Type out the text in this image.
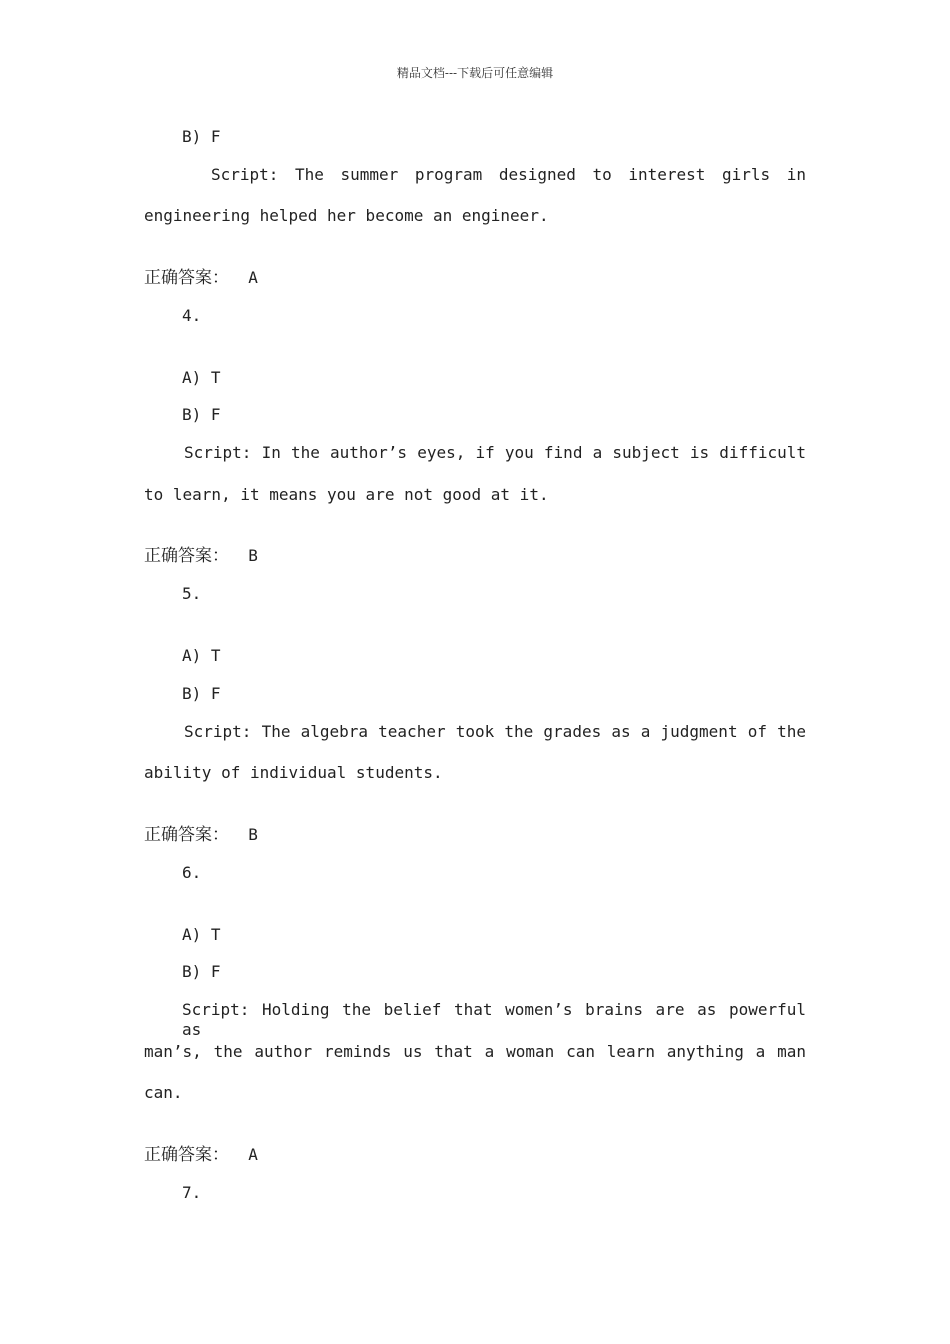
精品文档---下载后可任意编辑
B) F
Script: The summer program designed to interest girls in
engineering helped her become an engineer.
正确答案： A
4.
A) T
B) F
Script: In the author’s eyes, if you find a subject is difficult
to learn, it means you are not good at it.
正确答案： B
5.
A) T
B) F
Script: The algebra teacher took the grades as a judgment of the
ability of individual students.
正确答案： B
6.
A) T
B) F
Script: Holding the belief that women’s brains are as powerful as
man’s, the author reminds us that a woman can learn anything a man
can.
正确答案： A
7.
